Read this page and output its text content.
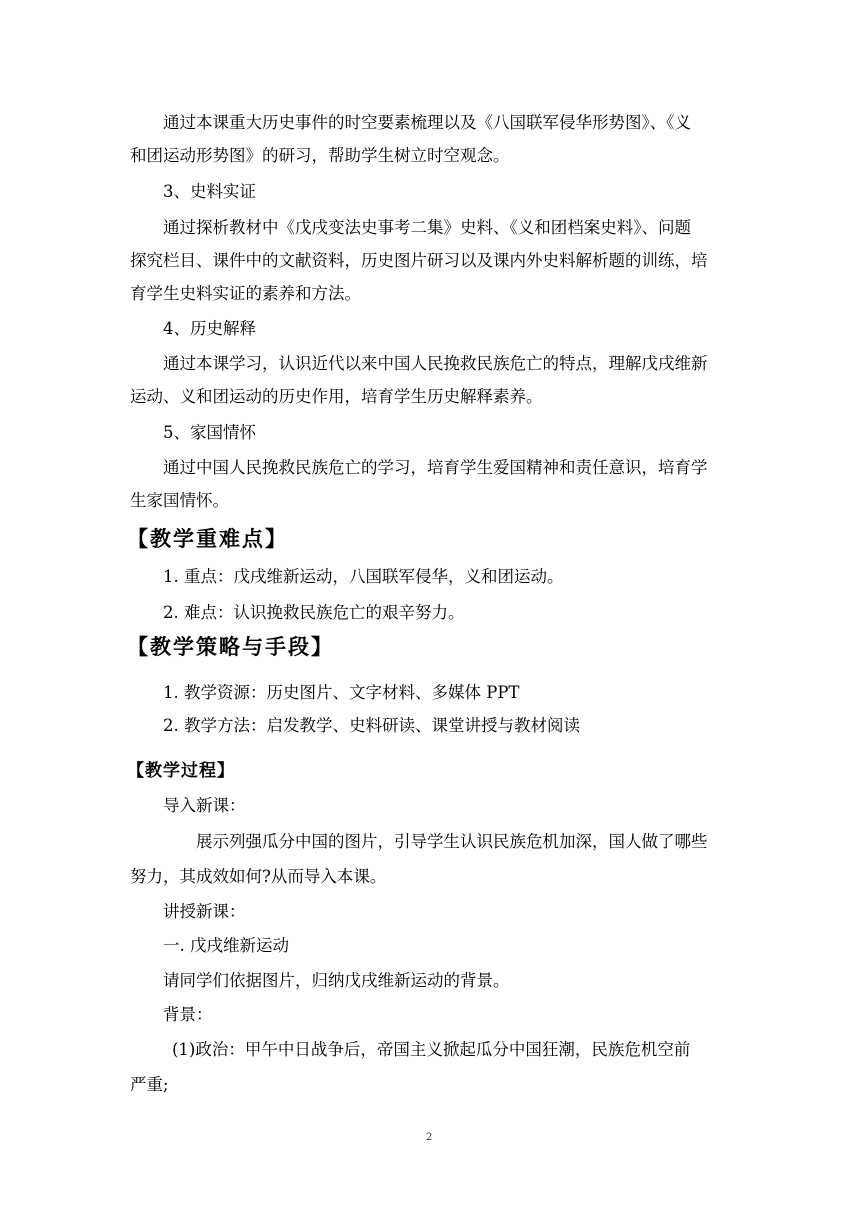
通过本课重大历史事件的时空要素梳理以及《八国联军侵华形势图》、《义
和团运动形势图》的研习，帮助学生树立时空观念。
3、史料实证
通过探析教材中《戊戌变法史事考二集》史料、《义和团档案史料》、问题
探究栏目、课件中的文献资料，历史图片研习以及课内外史料解析题的训练，培
育学生史料实证的素养和方法。
4、历史解释
通过本课学习，认识近代以来中国人民挽救民族危亡的特点，理解戊戌维新
运动、义和团运动的历史作用，培育学生历史解释素养。
5、家国情怀
通过中国人民挽救民族危亡的学习，培育学生爱国精神和责任意识，培育学
生家国情怀。
【教学重难点】
1. 重点：戊戌维新运动，八国联军侵华，义和团运动。
2. 难点：认识挽救民族危亡的艰辛努力。
【教学策略与手段】
1. 教学资源：历史图片、文字材料、多媒体 PPT
2. 教学方法：启发教学、史料研读、课堂讲授与教材阅读
【教学过程】
导入新课：
展示列强瓜分中国的图片，引导学生认识民族危机加深，国人做了哪些
努力，其成效如何?从而导入本课。
讲授新课：
一. 戊戌维新运动
请同学们依据图片，归纳戊戌维新运动的背景。
背景：
(1)政治：甲午中日战争后，帝国主义掀起瓜分中国狂潮，民族危机空前
严重;
2
